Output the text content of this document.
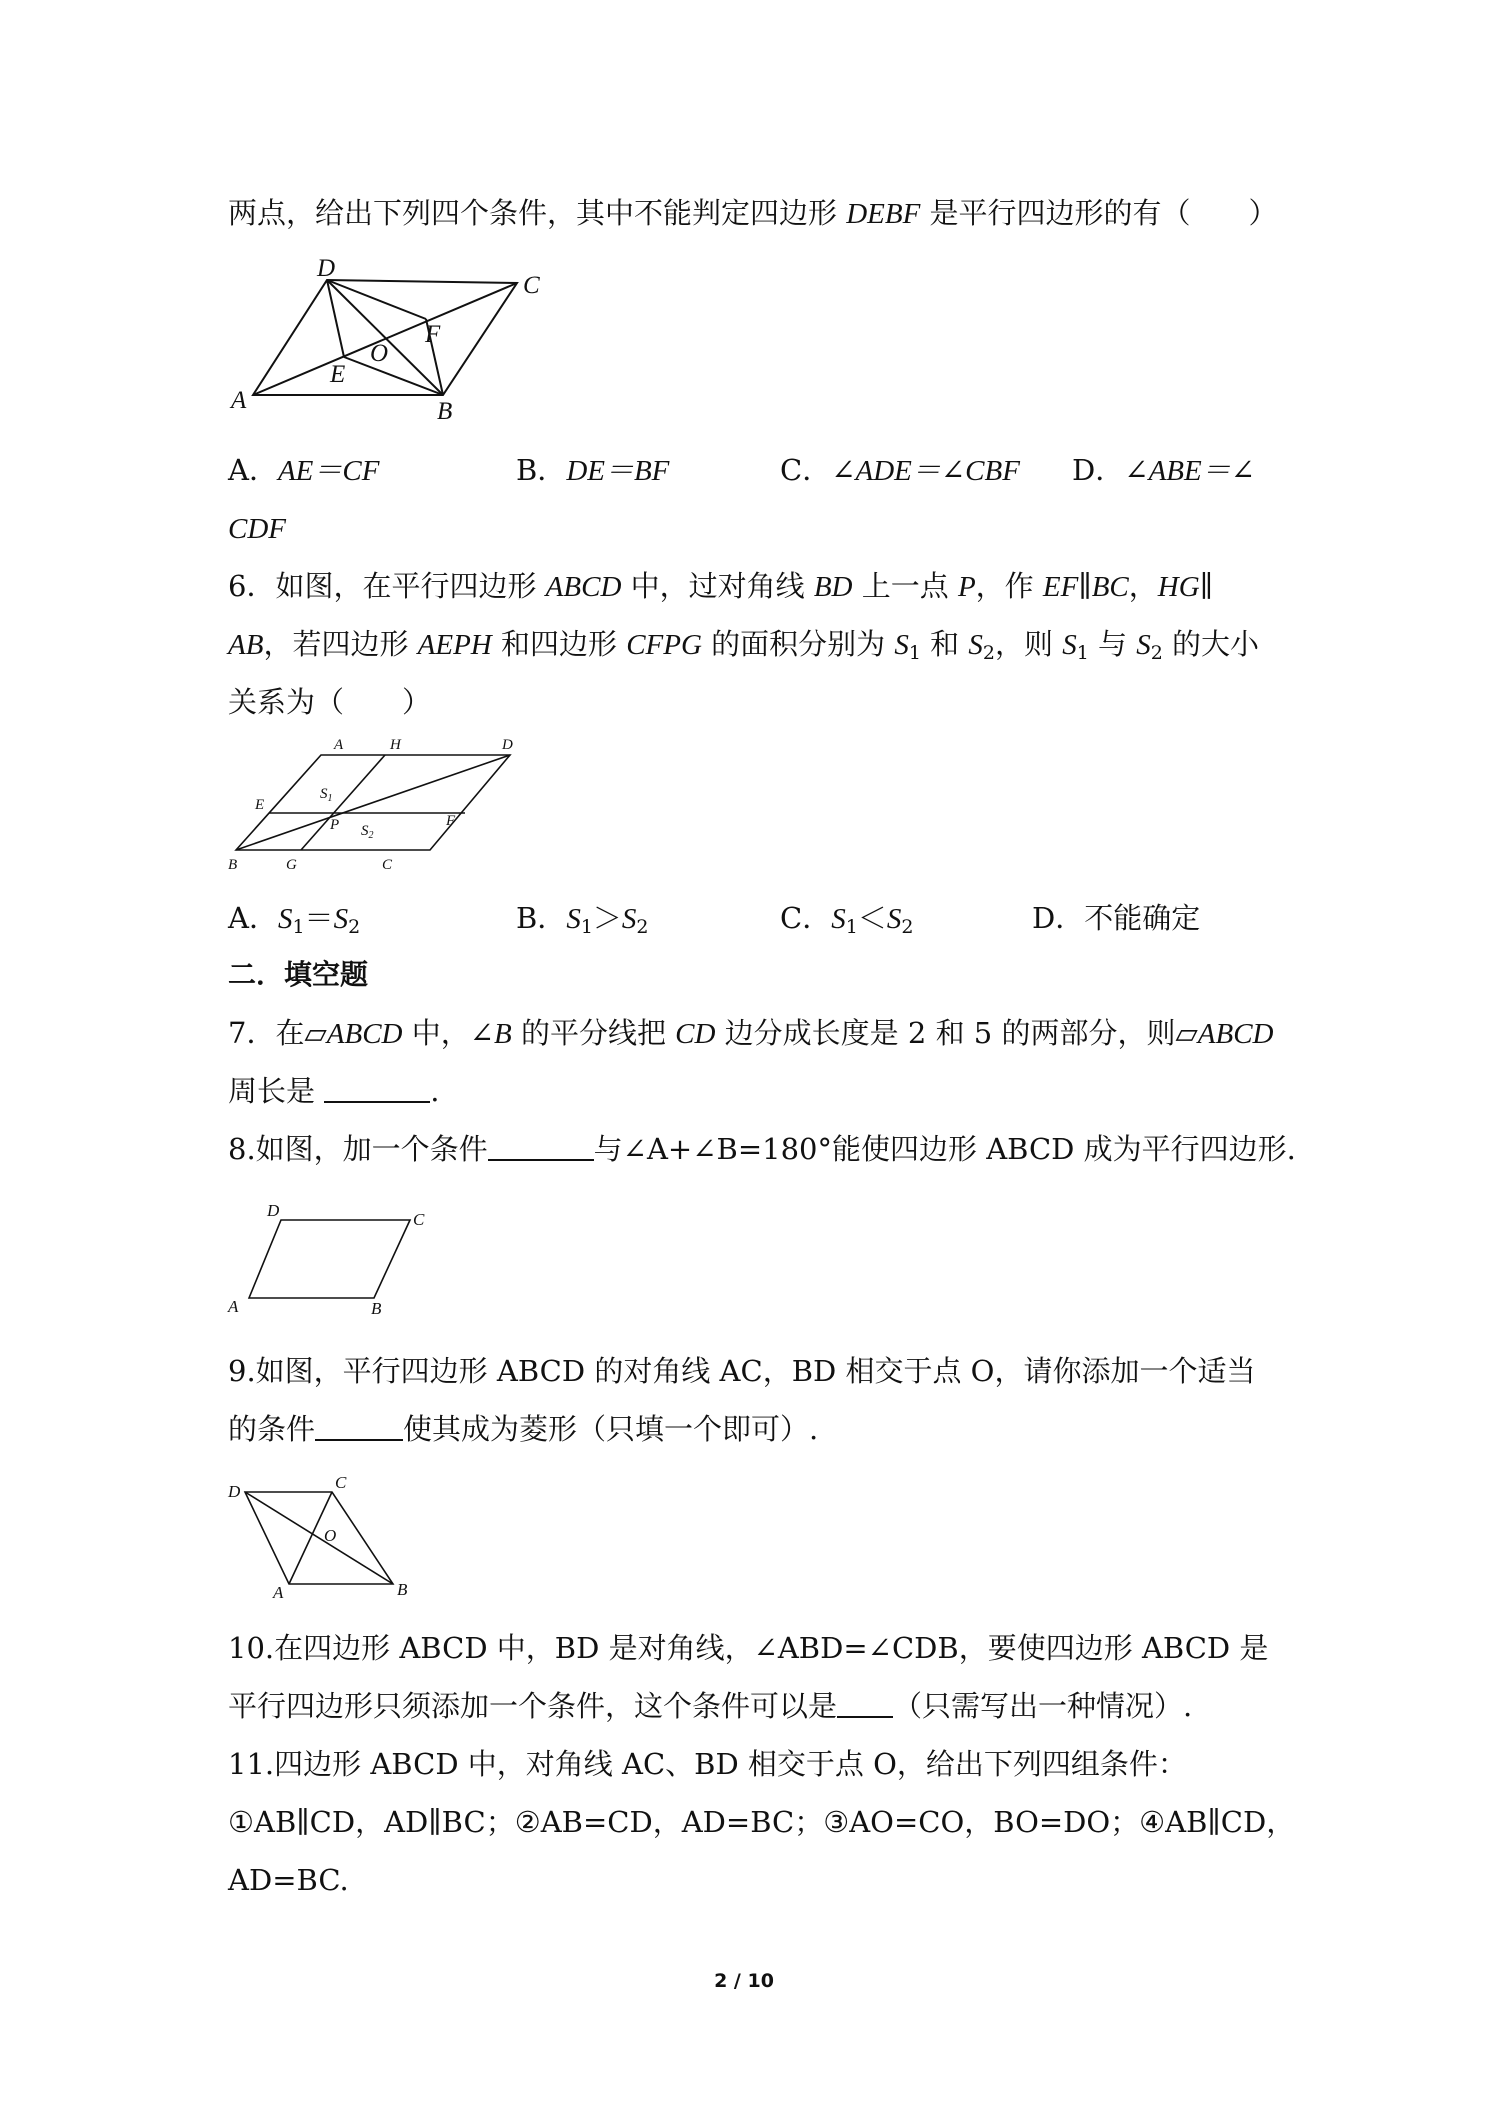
两点，给出下列四个条件，其中不能判定四边形 DEBF 是平行四边形的有（　　）
D
C
A	B
E
O
F
A．AE＝CF	B．DE＝BF	C．∠ADE＝∠CBF D．∠ABE＝∠
CDF
6．如图，在平行四边形 ABCD 中，过对角线 BD 上一点 P，作 EF∥BC，HG∥
AB，若四边形 AEPH 和四边形 CFPG 的面积分别为 $S_1$ 和 $S_2$，则 $S_1$ 与 $S_2$ 的大小
关系为（　　）
A	H	D
E
$S_1$
P $S_2$
F
B	G	C
A．$S_1=S_2$	B．$S_1>S_2$	C．$S_1<S_2$	D．不能确定
二．填空题
7．在▱ABCD 中，∠B 的平分线把 CD 边分成长度是 2 和 5 的两部分，则▱ABCD
周长是	.
8.如图，加一个条件	与∠A+∠B=180°能使四边形 ABCD 成为平行四边形.
D	C
A	B
9.如图，平行四边形 ABCD 的对角线 AC，BD 相交于点 O，请你添加一个适当
的条件	使其成为菱形（只填一个即可）.
D	C
O
A	B
10.在四边形 ABCD 中，BD 是对角线，∠ABD=∠CDB，要使四边形 ABCD 是
平行四边形只须添加一个条件，这个条件可以是 （只需写出一种情况）.
11.四边形 ABCD 中，对角线 AC、BD 相交于点 O，给出下列四组条件：
①AB∥CD，AD∥BC；②AB=CD，AD=BC；③AO=CO，BO=DO；④AB∥CD，
AD=BC.
2 / 10
